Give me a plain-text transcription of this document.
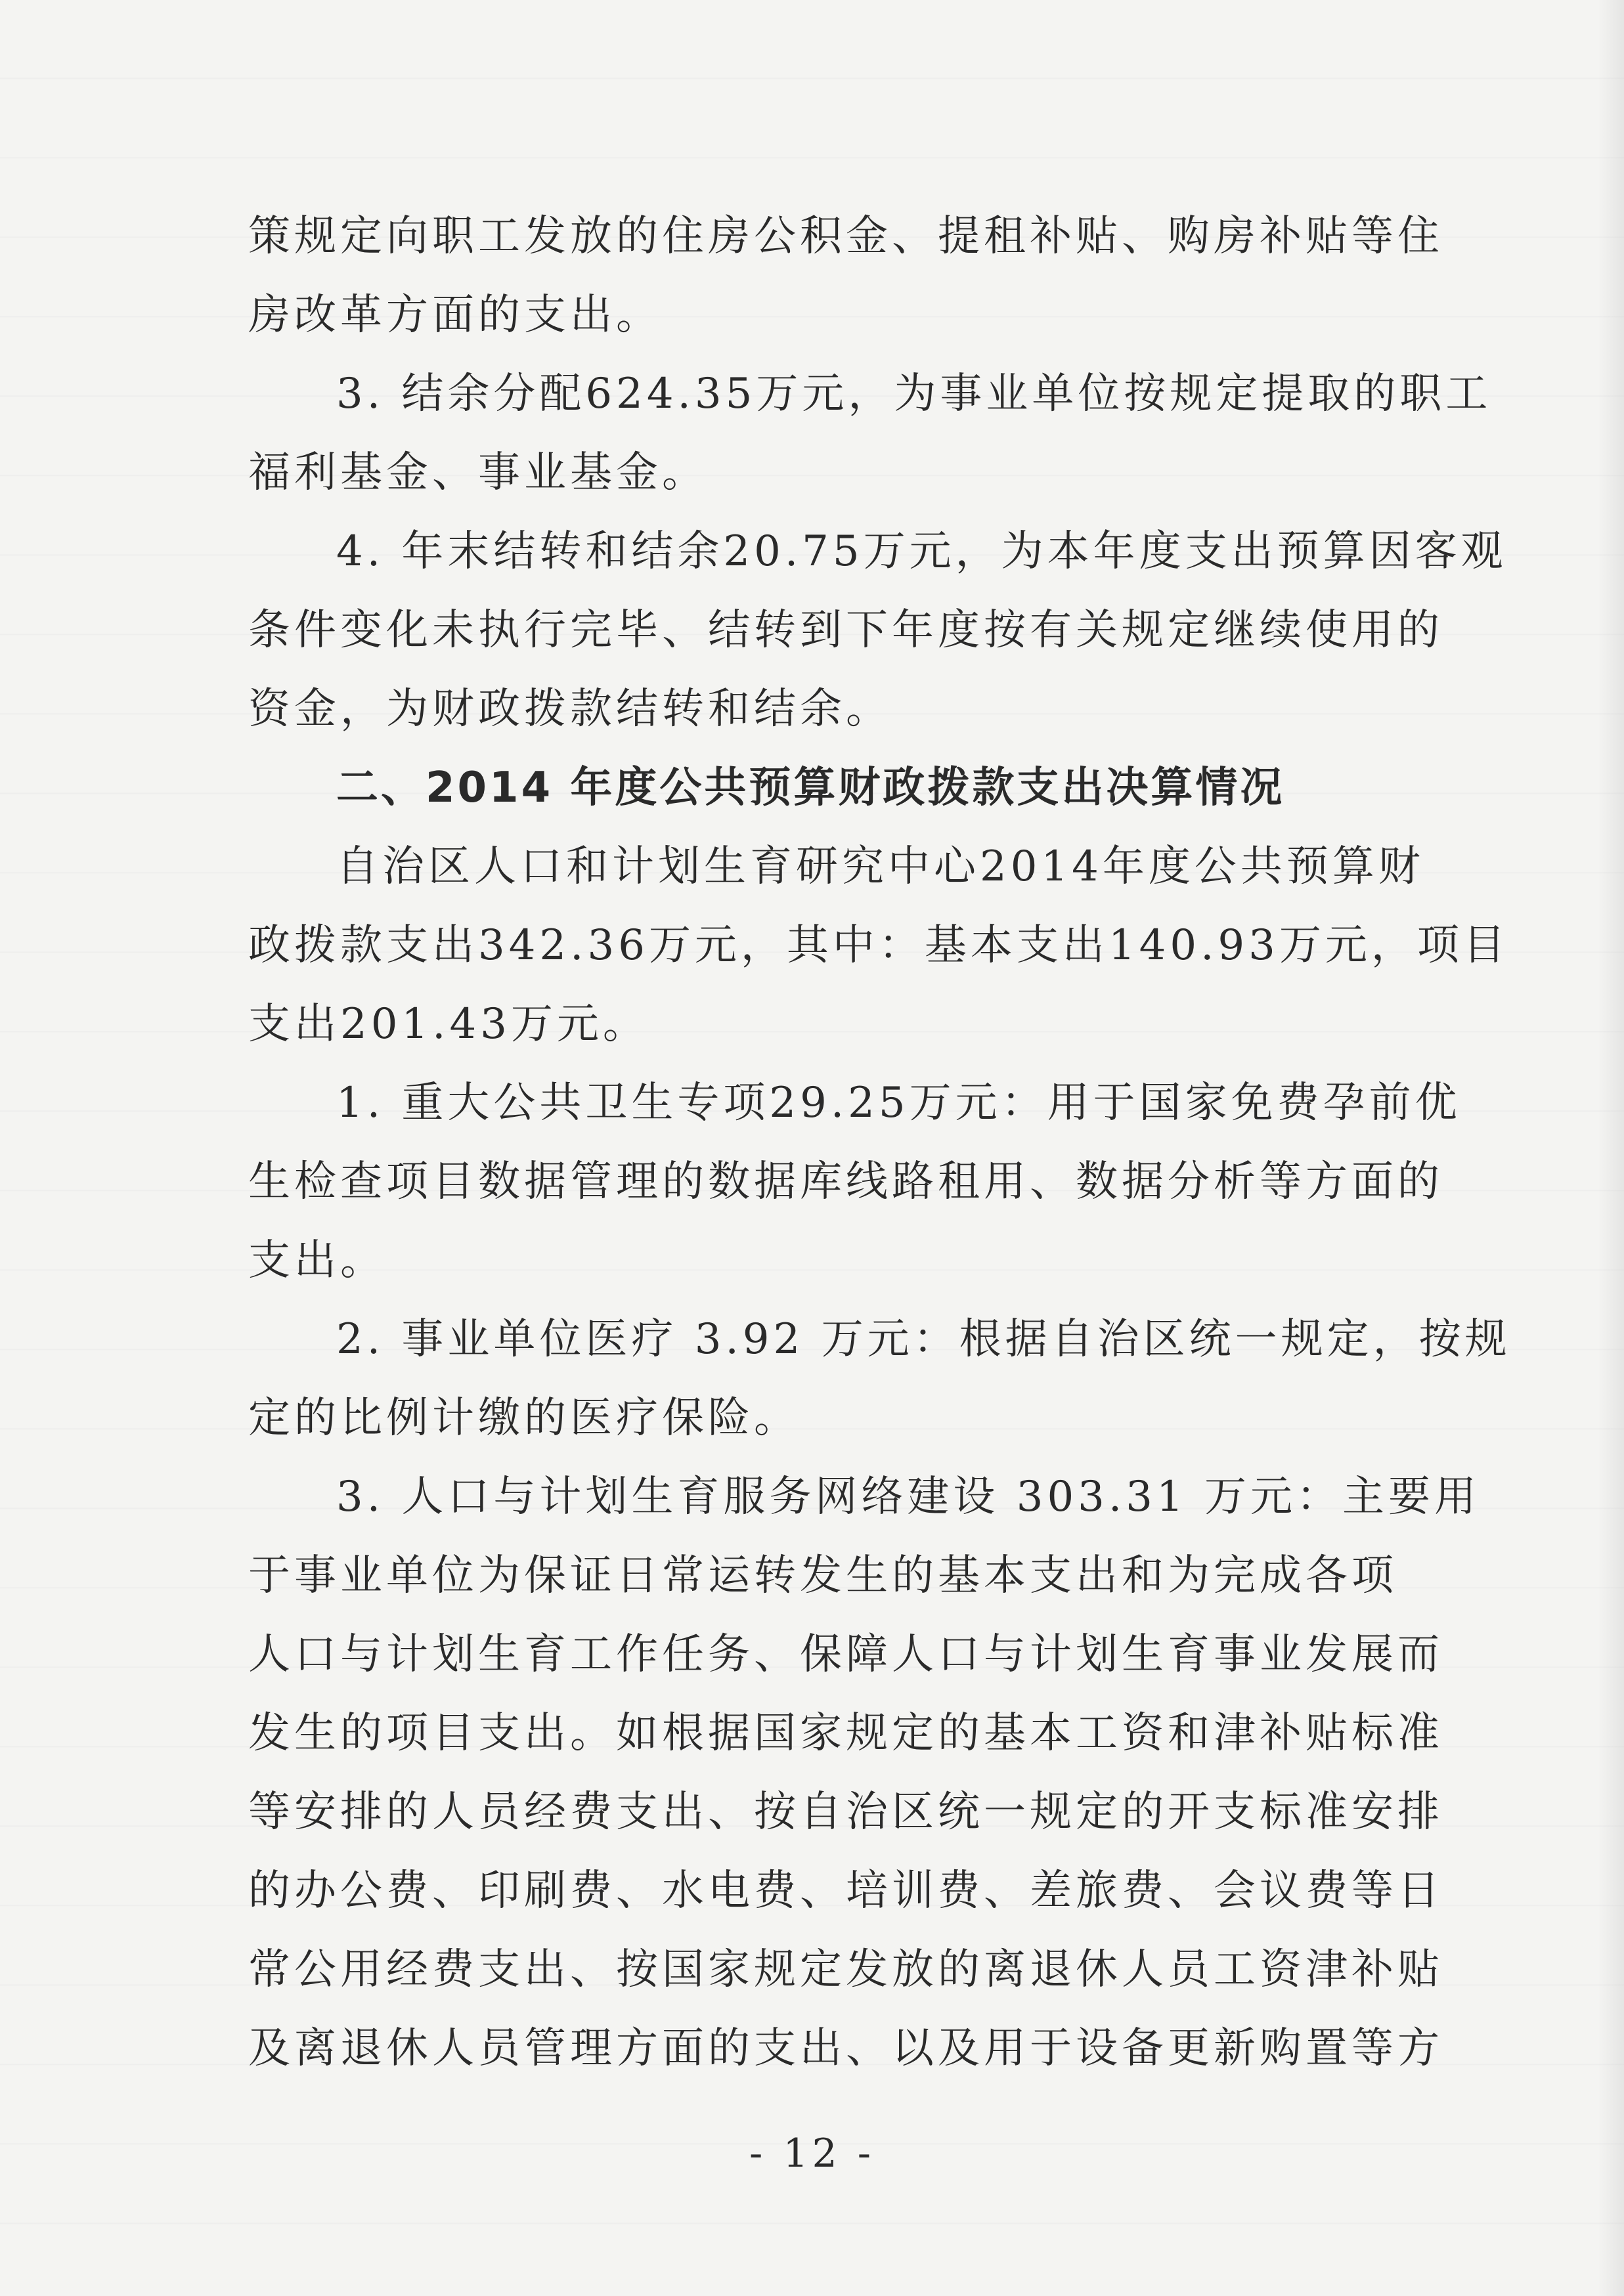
策规定向职工发放的住房公积金、提租补贴、购房补贴等住
房改革方面的支出。
3. 结余分配624.35万元，为事业单位按规定提取的职工
福利基金、事业基金。
4. 年末结转和结余20.75万元，为本年度支出预算因客观
条件变化未执行完毕、结转到下年度按有关规定继续使用的
资金，为财政拨款结转和结余。
二、2014 年度公共预算财政拨款支出决算情况
自治区人口和计划生育研究中心2014年度公共预算财
政拨款支出342.36万元，其中：基本支出140.93万元，项目
支出201.43万元。
1. 重大公共卫生专项29.25万元：用于国家免费孕前优
生检查项目数据管理的数据库线路租用、数据分析等方面的
支出。
2. 事业单位医疗 3.92 万元：根据自治区统一规定，按规
定的比例计缴的医疗保险。
3. 人口与计划生育服务网络建设 303.31 万元：主要用
于事业单位为保证日常运转发生的基本支出和为完成各项
人口与计划生育工作任务、保障人口与计划生育事业发展而
发生的项目支出。如根据国家规定的基本工资和津补贴标准
等安排的人员经费支出、按自治区统一规定的开支标准安排
的办公费、印刷费、水电费、培训费、差旅费、会议费等日
常公用经费支出、按国家规定发放的离退休人员工资津补贴
及离退休人员管理方面的支出、以及用于设备更新购置等方
- 12 -
